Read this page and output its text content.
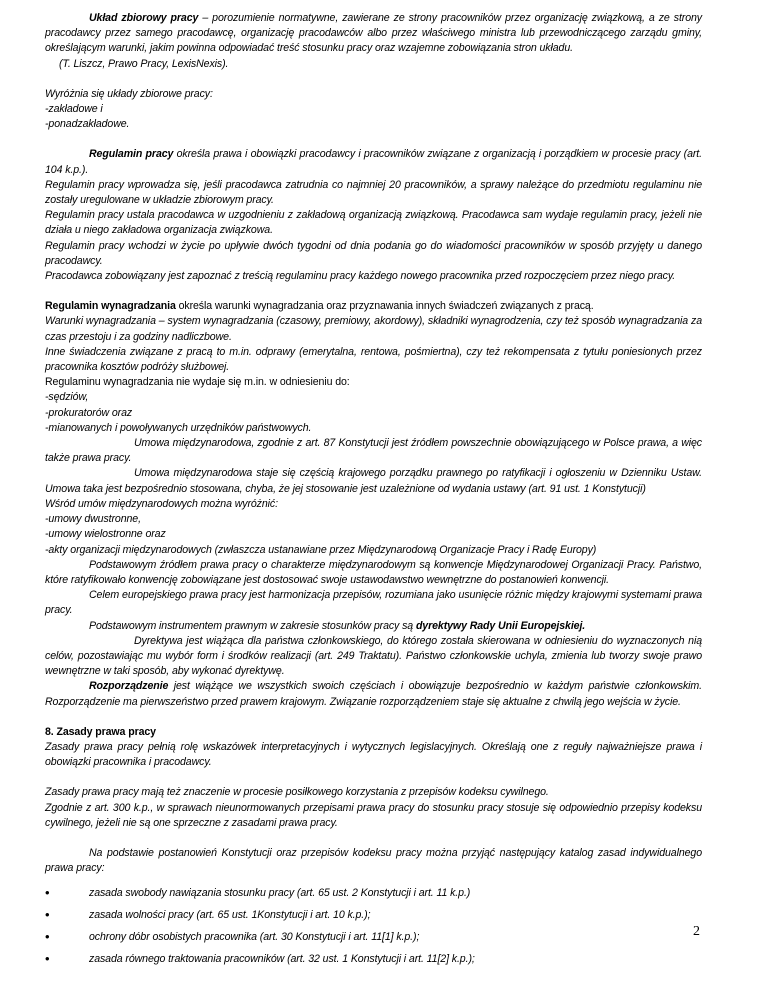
Układ zbiorowy pracy – porozumienie normatywne, zawierane ze strony pracowników przez organizację związkową, a ze strony pracodawcy przez samego pracodawcę, organizację pracodawców albo przez właściwego ministra lub przewodniczącego zarządu gminy, określającym warunki, jakim powinna odpowiadać treść stosunku pracy oraz wzajemne zobowiązania stron układu.

(T. Liszcz, Prawo Pracy, LexisNexis).

Wyróżnia się układy zbiorowe pracy:

-zakładowe i

-ponadzakładowe.

Regulamin pracy określa prawa i obowiązki pracodawcy i pracowników związane z organizacją i porządkiem w procesie pracy (art. 104 k.p.).

Regulamin pracy wprowadza się, jeśli pracodawca zatrudnia co najmniej 20 pracowników, a sprawy należące do przedmiotu regulaminu nie zostały uregulowane w układzie zbiorowym pracy.

Regulamin pracy ustala pracodawca w uzgodnieniu z zakładową organizacją związkową. Pracodawca sam wydaje regulamin pracy, jeżeli nie działa u niego zakładowa organizacja związkowa.

Regulamin pracy wchodzi w życie po upływie dwóch tygodni od dnia podania go do wiadomości pracowników w sposób przyjęty u danego pracodawcy.

Pracodawca zobowiązany jest zapoznać z treścią regulaminu pracy każdego nowego pracownika przed rozpoczęciem przez niego pracy.

Regulamin wynagradzania określa warunki wynagradzania oraz przyznawania innych świadczeń związanych z pracą.

Warunki wynagradzania – system wynagradzania (czasowy, premiowy, akordowy), składniki wynagrodzenia, czy też sposób wynagradzania za czas przestoju i za godziny nadliczbowe.

Inne świadczenia związane z pracą to m.in. odprawy (emerytalna, rentowa, pośmiertna), czy też rekompensata z tytułu poniesionych przez pracownika kosztów podróży służbowej.

Regulaminu wynagradzania nie wydaje się m.in. w odniesieniu do:

-sędziów,

-prokuratorów oraz

-mianowanych i powoływanych urzędników państwowych.

Umowa międzynarodowa, zgodnie z art. 87 Konstytucji jest źródłem powszechnie obowiązującego w Polsce prawa, a więc także prawa pracy.

Umowa międzynarodowa staje się częścią krajowego porządku prawnego po ratyfikacji i ogłoszeniu w Dzienniku Ustaw. Umowa taka jest bezpośrednio stosowana, chyba, że jej stosowanie jest uzależnione od wydania ustawy (art. 91 ust. 1 Konstytucji)

Wśród umów międzynarodowych można wyróżnić:

-umowy dwustronne,

-umowy wielostronne oraz

-akty organizacji międzynarodowych (zwłaszcza ustanawiane przez Międzynarodową Organizacje Pracy i Radę Europy)

Podstawowym źródłem prawa pracy o charakterze międzynarodowym są konwencje Międzynarodowej Organizacji Pracy. Państwo, które ratyfikowało konwencję zobowiązane jest dostosować swoje ustawodawstwo wewnętrzne do postanowień konwencji.

Celem europejskiego prawa pracy jest harmonizacja przepisów, rozumiana jako usunięcie różnic między krajowymi systemami prawa pracy.

Podstawowym instrumentem prawnym w zakresie stosunków pracy są dyrektywy Rady Unii Europejskiej.

Dyrektywa jest wiążąca dla państwa członkowskiego, do którego została skierowana w odniesieniu do wyznaczonych nią celów, pozostawiając mu wybór form i środków realizacji (art. 249 Traktatu). Państwo członkowskie uchyla, zmienia lub tworzy swoje prawo wewnętrzne w taki sposób, aby wykonać dyrektywę.

Rozporządzenie jest wiążące we wszystkich swoich częściach i obowiązuje bezpośrednio w każdym państwie członkowskim. Rozporządzenie ma pierwszeństwo przed prawem krajowym. Związanie rozporządzeniem staje się aktualne z chwilą jego wejścia w życie.

8. Zasady prawa pracy

Zasady prawa pracy pełnią rolę wskazówek interpretacyjnych i wytycznych legislacyjnych. Określają one z reguły najważniejsze prawa i obowiązki pracownika i pracodawcy.

Zasady prawa pracy mają też znaczenie w procesie posiłkowego korzystania z przepisów kodeksu cywilnego.

Zgodnie z art. 300 k.p., w sprawach nieunormowanych przepisami prawa pracy do stosunku pracy stosuje się odpowiednio przepisy kodeksu cywilnego, jeżeli nie są one sprzeczne z zasadami prawa pracy.

Na podstawie postanowień Konstytucji oraz przepisów kodeksu pracy można przyjąć następujący katalog zasad indywidualnego prawa pracy:

•	zasada swobody nawiązania stosunku pracy (art. 65 ust. 2 Konstytucji i art. 11 k.p.)
•	zasada wolności pracy (art. 65 ust. 1Konstytucji i art. 10 k.p.);
•	ochrony dóbr osobistych pracownika (art. 30 Konstytucji i art. 11[1] k.p.);
•	zasada równego traktowania pracowników (art. 32 ust. 1 Konstytucji i art. 11[2] k.p.);
2
